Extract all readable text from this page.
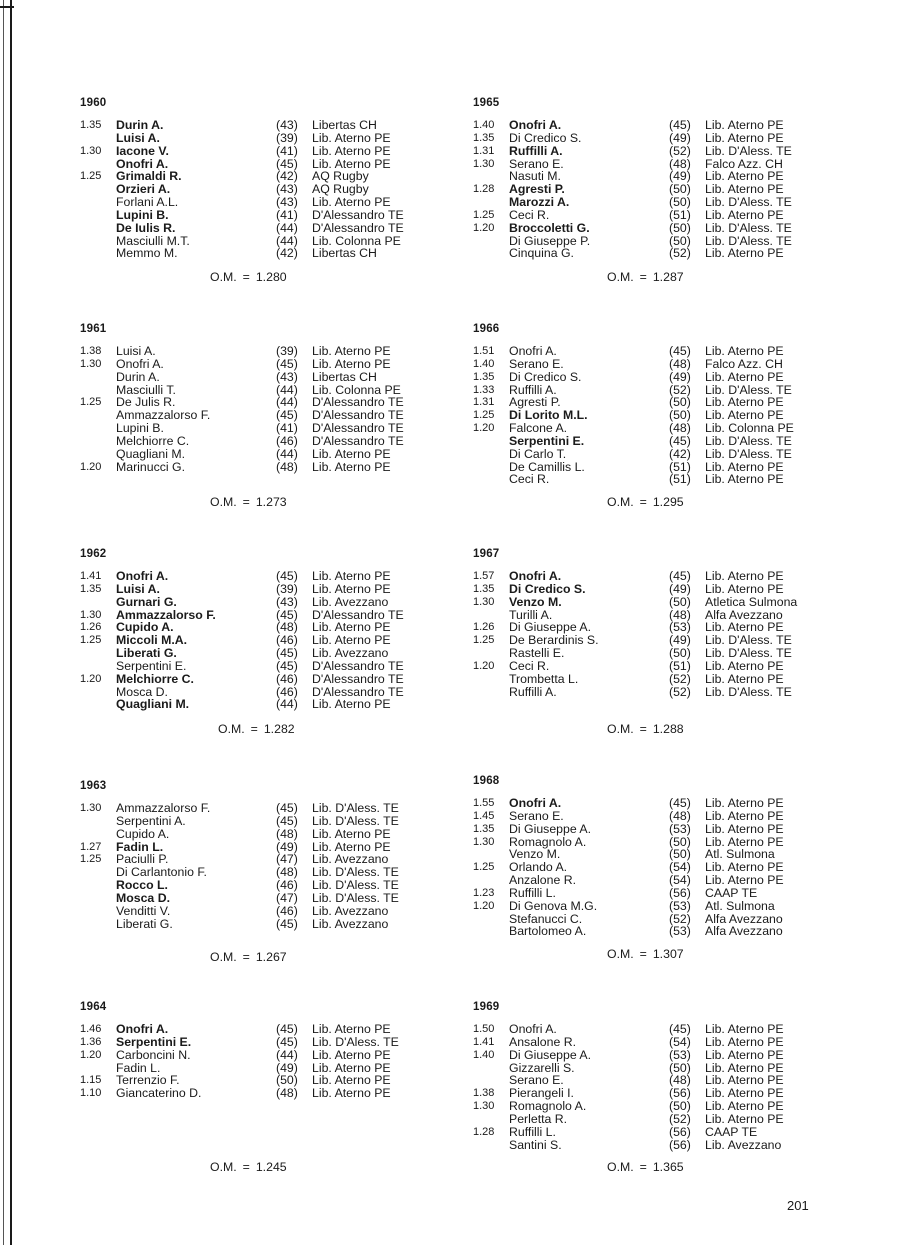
1960
1.35 Durin A.	(43) Libertas CH
Luisi A.	(39) Lib. Aterno PE
1.30 Iacone V.	(41) Lib. Aterno PE
Onofri A.	(45) Lib. Aterno PE
1.25 Grimaldi R.	(42) AQ Rugby
Orzieri A.	(43) AQ Rugby
Forlani A.L.	(43) Lib. Aterno PE
Lupini B.	(41) D'Alessandro TE
De Iulis R.	(44) D'Alessandro TE
Masciulli M.T.	(44) Lib. Colonna PE
Memmo M.	(42) Libertas CH
O.M. = 1.280
1961
1.38 Luisi A.	(39) Lib. Aterno PE
1.30 Onofri A.	(45) Lib. Aterno PE
Durin A.	(43) Libertas CH
Masciulli T.	(44) Lib. Colonna PE
1.25 De Julis R.	(44) D'Alessandro TE
Ammazzalorso F.	(45) D'Alessandro TE
Lupini B.	(41) D'Alessandro TE
Melchiorre C.	(46) D'Alessandro TE
Quagliani M.	(44) Lib. Aterno PE
1.20 Marinucci G.	(48) Lib. Aterno PE
O.M. = 1.273
1962
1.41 Onofri A.	(45) Lib. Aterno PE
1.35 Luisi A.	(39) Lib. Aterno PE
Gurnari G.	(43) Lib. Avezzano
1.30 Ammazzalorso F.	(45) D'Alessandro TE
1.26 Cupido A.	(48) Lib. Aterno PE
1.25 Miccoli M.A.	(46) Lib. Aterno PE
Liberati G.	(45) Lib. Avezzano
Serpentini E.	(45) D'Alessandro TE
1.20 Melchiorre C.	(46) D'Alessandro TE
Mosca D.	(46) D'Alessandro TE
Quagliani M.	(44) Lib. Aterno PE
O.M. = 1.282
1963
1.30 Ammazzalorso F.	(45) Lib. D'Aless. TE
Serpentini A.	(45) Lib. D'Aless. TE
Cupido A.	(48) Lib. Aterno PE
1.27 Fadin L.	(49) Lib. Aterno PE
1.25 Paciulli P.	(47) Lib. Avezzano
Di Carlantonio F.	(48) Lib. D'Aless. TE
Rocco L.	(46) Lib. D'Aless. TE
Mosca D.	(47) Lib. D'Aless. TE
Venditti V.	(46) Lib. Avezzano
Liberati G.	(45) Lib. Avezzano
O.M. = 1.267
1964
1.46 Onofri A.	(45) Lib. Aterno PE
1.36 Serpentini E.	(45) Lib. D'Aless. TE
1.20 Carboncini N.	(44) Lib. Aterno PE
Fadin L.	(49) Lib. Aterno PE
1.15 Terrenzio F.	(50) Lib. Aterno PE
1.10 Giancaterino D.	(48) Lib. Aterno PE
O.M. = 1.245
1965
1.40 Onofri A.	(45) Lib. Aterno PE
1.35 Di Credico S.	(49) Lib. Aterno PE
1.31 Ruffilli A.	(52) Lib. D'Aless. TE
1.30 Serano E.	(48) Falco Azz. CH
Nasuti M.	(49) Lib. Aterno PE
1.28 Agresti P.	(50) Lib. Aterno PE
Marozzi A.	(50) Lib. D'Aless. TE
1.25 Ceci R.	(51) Lib. Aterno PE
1.20 Broccoletti G.	(50) Lib. D'Aless. TE
Di Giuseppe P.	(50) Lib. D'Aless. TE
Cinquina G.	(52) Lib. Aterno PE
O.M. = 1.287
1966
1.51 Onofri A.	(45) Lib. Aterno PE
1.40 Serano E.	(48) Falco Azz. CH
1.35 Di Credico S.	(49) Lib. Aterno PE
1.33 Ruffilli A.	(52) Lib. D'Aless. TE
1.31 Agresti P.	(50) Lib. Aterno PE
1.25 Di Lorito M.L.	(50) Lib. Aterno PE
1.20 Falcone A.	(48) Lib. Colonna PE
Serpentini E.	(45) Lib. D'Aless. TE
Di Carlo T.	(42) Lib. D'Aless. TE
De Camillis L.	(51) Lib. Aterno PE
Ceci R.	(51) Lib. Aterno PE
O.M. = 1.295
1967
1.57 Onofri A.	(45) Lib. Aterno PE
1.35 Di Credico S.	(49) Lib. Aterno PE
1.30 Venzo M.	(50) Atletica Sulmona
Turilli A.	(48) Alfa Avezzano
1.26 Di Giuseppe A.	(53) Lib. Aterno PE
1.25 De Berardinis S.	(49) Lib. D'Aless. TE
Rastelli E.	(50) Lib. D'Aless. TE
1.20 Ceci R.	(51) Lib. Aterno PE
Trombetta L.	(52) Lib. Aterno PE
Ruffilli A.	(52) Lib. D'Aless. TE
O.M. = 1.288
1968
1.55 Onofri A.	(45) Lib. Aterno PE
1.45 Serano E.	(48) Lib. Aterno PE
1.35 Di Giuseppe A.	(53) Lib. Aterno PE
1.30 Romagnolo A.	(50) Lib. Aterno PE
Venzo M.	(50) Atl. Sulmona
1.25 Orlando A.	(54) Lib. Aterno PE
Anzalone R.	(54) Lib. Aterno PE
1.23 Ruffilli L.	(56) CAAP TE
1.20 Di Genova M.G.	(53) Atl. Sulmona
Stefanucci C.	(52) Alfa Avezzano
Bartolomeo A.	(53) Alfa Avezzano
O.M. = 1.307
1969
1.50 Onofri A.	(45) Lib. Aterno PE
1.41 Ansalone R.	(54) Lib. Aterno PE
1.40 Di Giuseppe A.	(53) Lib. Aterno PE
Gizzarelli S.	(50) Lib. Aterno PE
Serano E.	(48) Lib. Aterno PE
1.38 Pierangeli I.	(56) Lib. Aterno PE
1.30 Romagnolo A.	(50) Lib. Aterno PE
Perletta R.	(52) Lib. Aterno PE
1.28 Ruffilli L.	(56) CAAP TE
Santini S.	(56) Lib. Avezzano
O.M. = 1.365
201
